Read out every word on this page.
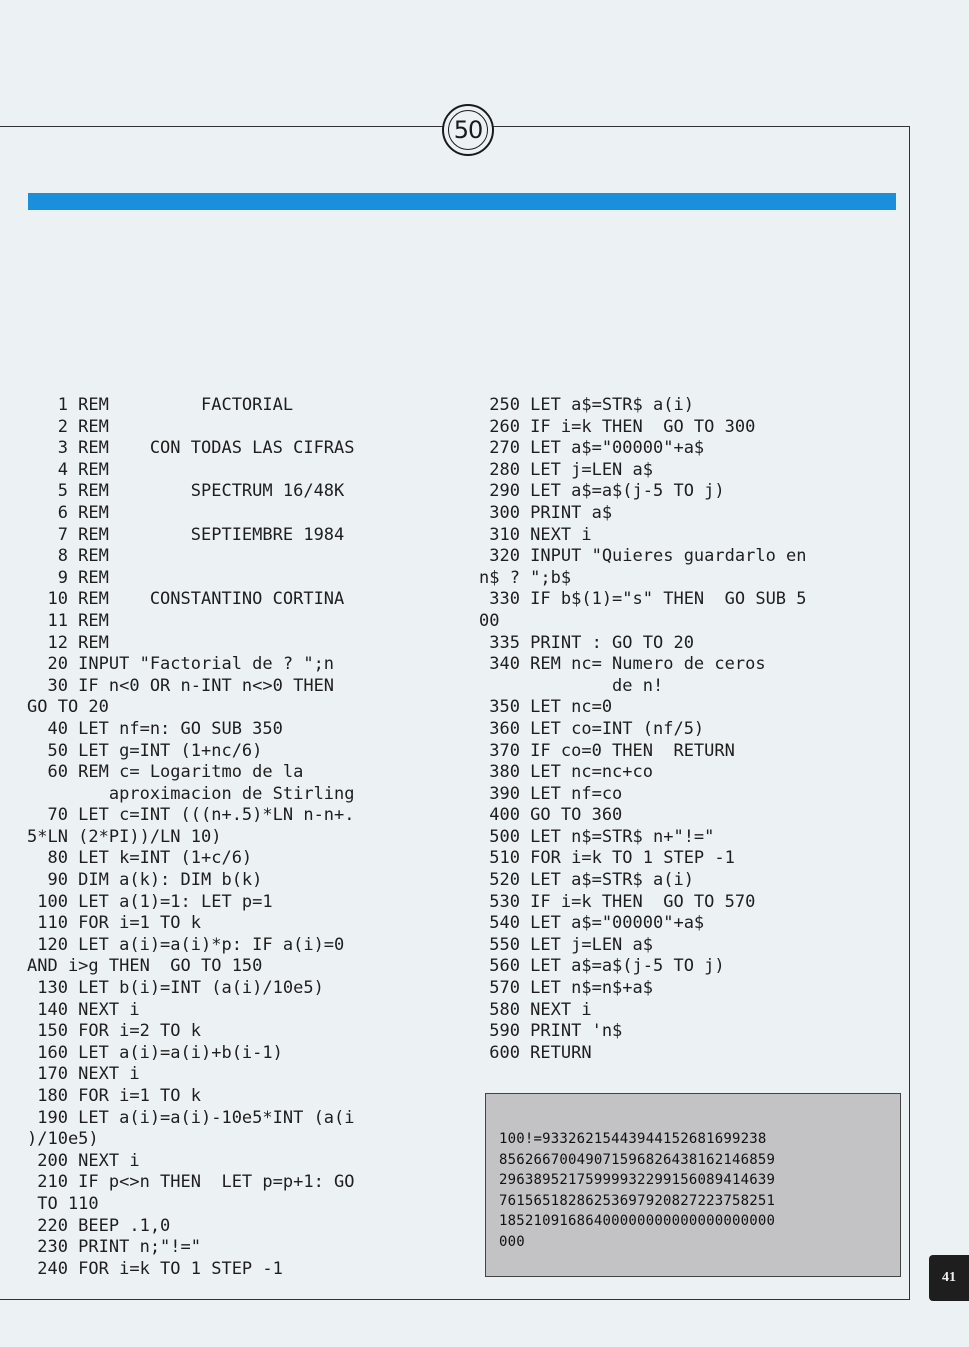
50
1 REM         FACTORIAL
2 REM
3 REM    CON TODAS LAS CIFRAS
4 REM
5 REM        SPECTRUM 16/48K
6 REM
7 REM        SEPTIEMBRE 1984
8 REM
9 REM
10 REM    CONSTANTINO CORTINA
11 REM
12 REM
20 INPUT "Factorial de ? ";n
30 IF n<0 OR n-INT n<>0 THEN
GO TO 20
40 LET nf=n: GO SUB 350
50 LET g=INT (1+nc/6)
60 REM c= Logaritmo de la
aproximacion de Stirling
70 LET c=INT (((n+.5)*LN n-n+.
5*LN (2*PI))/LN 10)
80 LET k=INT (1+c/6)
90 DIM a(k): DIM b(k)
100 LET a(1)=1: LET p=1
110 FOR i=1 TO k
120 LET a(i)=a(i)*p: IF a(i)=0
AND i>g THEN  GO TO 150
130 LET b(i)=INT (a(i)/10e5)
140 NEXT i
150 FOR i=2 TO k
160 LET a(i)=a(i)+b(i-1)
170 NEXT i
180 FOR i=1 TO k
190 LET a(i)=a(i)-10e5*INT (a(i
)/10e5)
200 NEXT i
210 IF p<>n THEN  LET p=p+1: GO
TO 110
220 BEEP .1,0
230 PRINT n;"!="
240 FOR i=k TO 1 STEP -1
250 LET a$=STR$ a(i)
260 IF i=k THEN  GO TO 300
270 LET a$="00000"+a$
280 LET j=LEN a$
290 LET a$=a$(j-5 TO j)
300 PRINT a$
310 NEXT i
320 INPUT "Quieres guardarlo en
n$ ? ";b$
330 IF b$(1)="s" THEN  GO SUB 5
00
335 PRINT : GO TO 20
340 REM nc= Numero de ceros
de n!
350 LET nc=0
360 LET co=INT (nf/5)
370 IF co=0 THEN  RETURN
380 LET nc=nc+co
390 LET nf=co
400 GO TO 360
500 LET n$=STR$ n+"!="
510 FOR i=k TO 1 STEP -1
520 LET a$=STR$ a(i)
530 IF i=k THEN  GO TO 570
540 LET a$="00000"+a$
550 LET j=LEN a$
560 LET a$=a$(j-5 TO j)
570 LET n$=n$+a$
580 NEXT i
590 PRINT 'n$
600 RETURN
100!=93326215443944152681699238
85626670049071596826438162146859
29638952175999932299156089414639
76156518286253697920827223758251
18521091686400000000000000000000
000
41
